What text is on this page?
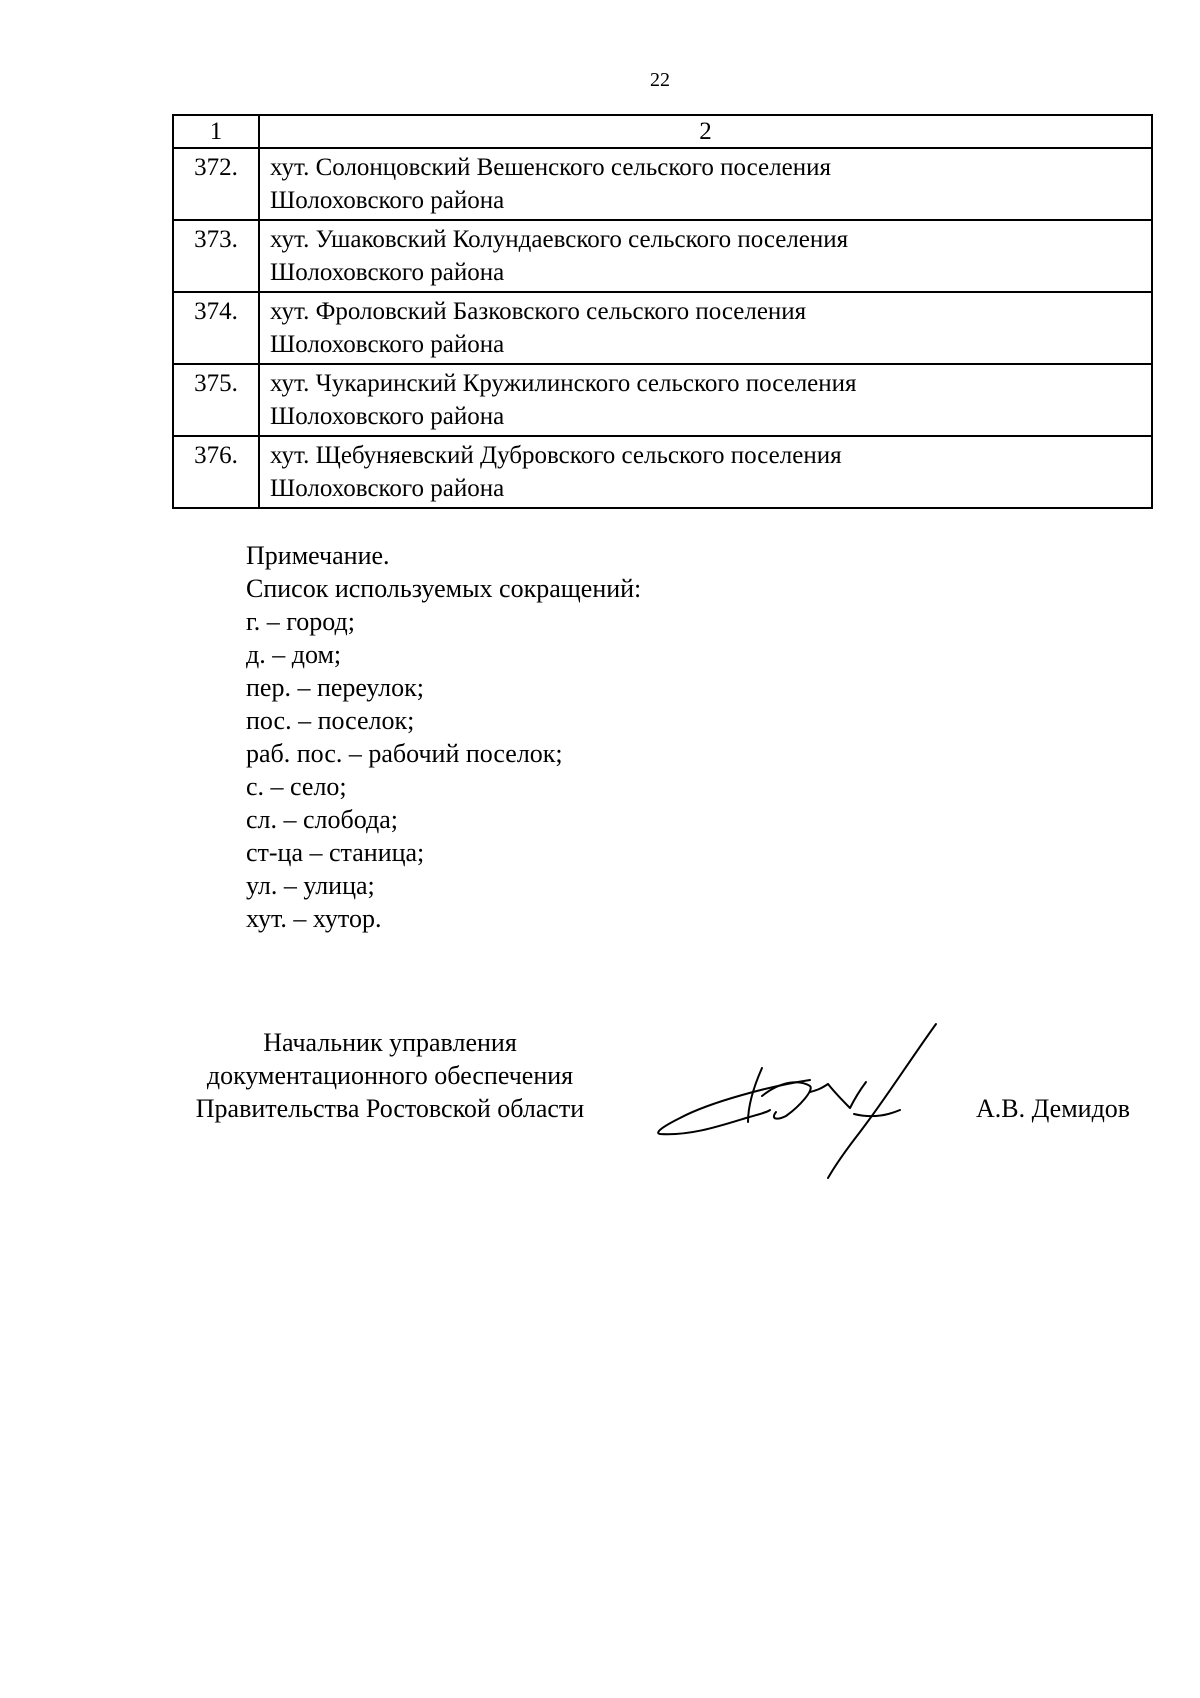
22
1	2
372.	хут. Солонцовский Вешенского сельского поселения
Шолоховского района

373.	хут. Ушаковский Колундаевского сельского поселения
Шолоховского района

374.	хут. Фроловский Базковского сельского поселения
Шолоховского района

375.	хут. Чукаринский Кружилинского сельского поселения
Шолоховского района

376.	хут. Щебуняевский Дубровского сельского поселения
Шолоховского района
Примечание.
Список используемых сокращений:
г. – город;
д. – дом;
пер. – переулок;
пос. – поселок;
раб. пос. – рабочий поселок;
с. – село;
сл. – слобода;
ст-ца – станица;
ул. – улица;
хут. – хутор.
Начальник управления
документационного обеспечения
Правительства Ростовской области	А.В. Демидов
